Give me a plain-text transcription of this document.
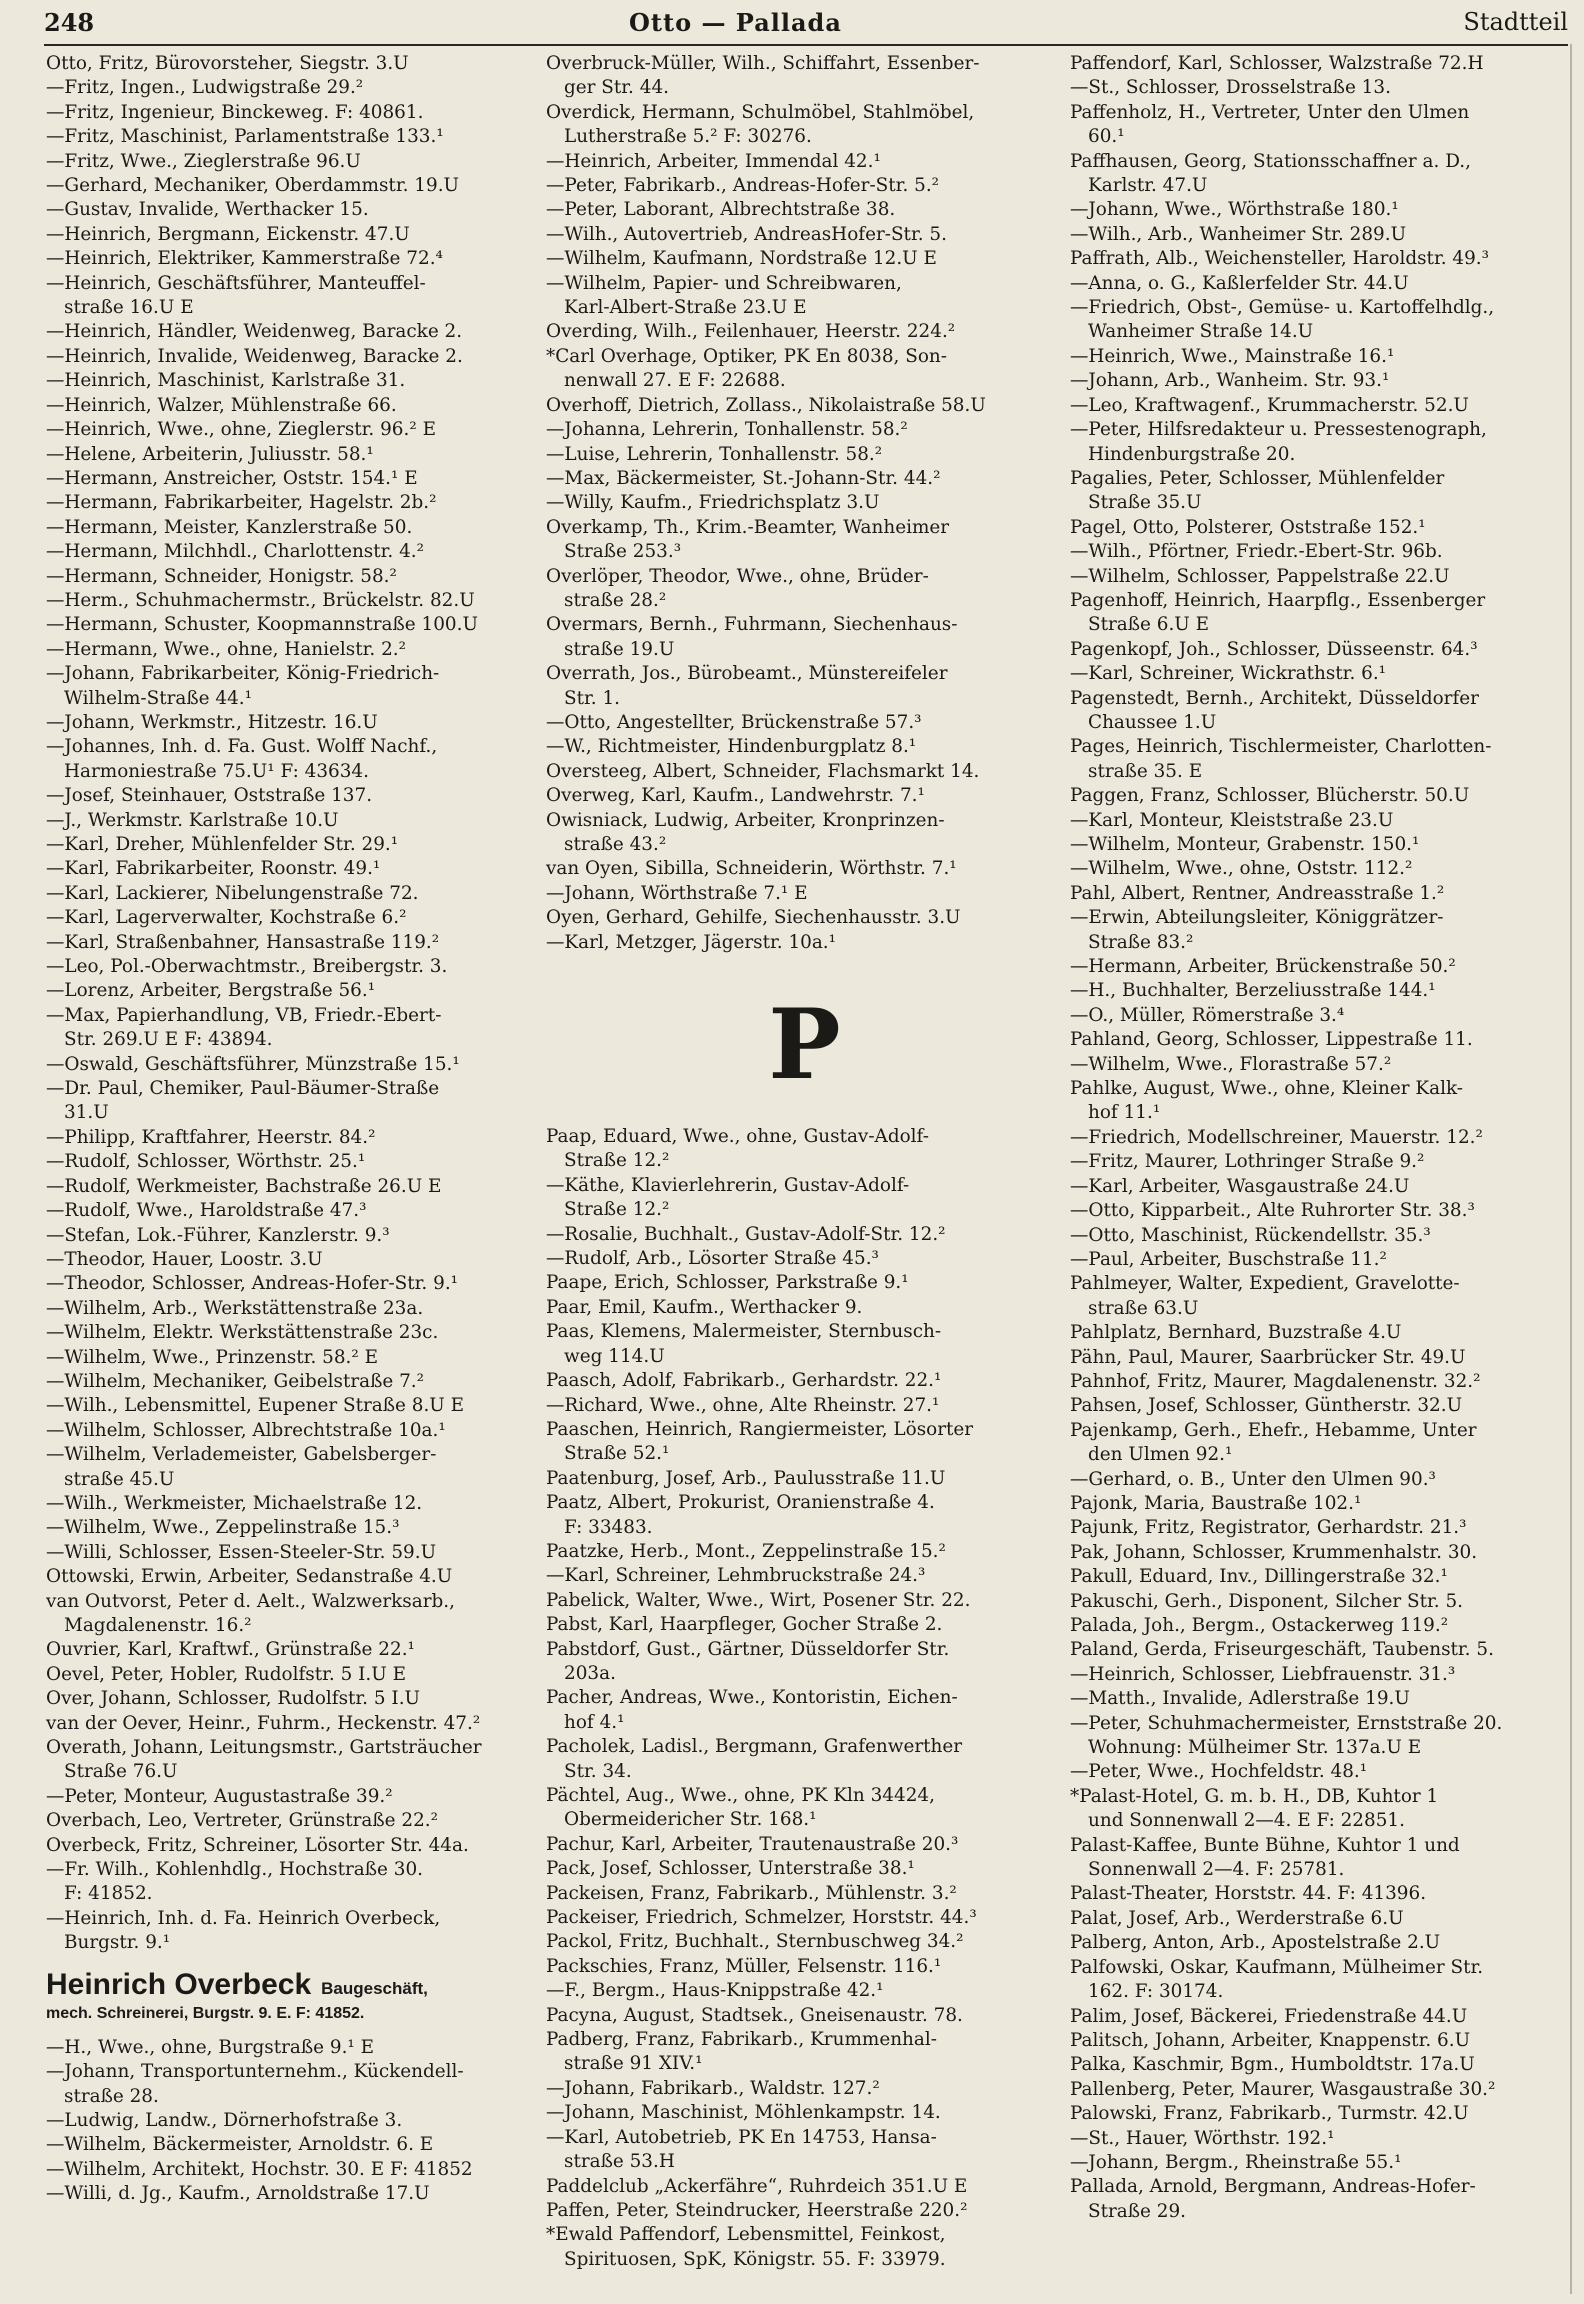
248	Otto — Pallada	Stadtteil
Otto, Fritz, Bürovorsteher, Siegstr. 3.U
—Fritz, Ingen., Ludwigstraße 29.²
—Fritz, Ingenieur, Binckeweg. F: 40861.
—Fritz, Maschinist, Parlamentstraße 133.¹
—Fritz, Wwe., Zieglerstraße 96.U
—Gerhard, Mechaniker, Oberdammstr. 19.U
—Gustav, Invalide, Werthacker 15.
—Heinrich, Bergmann, Eickenstr. 47.U
—Heinrich, Elektriker, Kammerstraße 72.⁴
—Heinrich, Geschäftsführer, Manteuffel-
straße 16.U E
—Heinrich, Händler, Weidenweg, Baracke 2.
—Heinrich, Invalide, Weidenweg, Baracke 2.
—Heinrich, Maschinist, Karlstraße 31.
—Heinrich, Walzer, Mühlenstraße 66.
—Heinrich, Wwe., ohne, Zieglerstr. 96.² E
—Helene, Arbeiterin, Juliusstr. 58.¹
—Hermann, Anstreicher, Oststr. 154.¹ E
—Hermann, Fabrikarbeiter, Hagelstr. 2b.²
—Hermann, Meister, Kanzlerstraße 50.
—Hermann, Milchhdl., Charlottenstr. 4.²
—Hermann, Schneider, Honigstr. 58.²
—Herm., Schuhmachermstr., Brückelstr. 82.U
—Hermann, Schuster, Koopmannstraße 100.U
—Hermann, Wwe., ohne, Hanielstr. 2.²
—Johann, Fabrikarbeiter, König-Friedrich-
Wilhelm-Straße 44.¹
—Johann, Werkmstr., Hitzestr. 16.U
—Johannes, Inh. d. Fa. Gust. Wolff Nachf.,
Harmoniestraße 75.U¹ F: 43634.
—Josef, Steinhauer, Oststraße 137.
—J., Werkmstr. Karlstraße 10.U
—Karl, Dreher, Mühlenfelder Str. 29.¹
—Karl, Fabrikarbeiter, Roonstr. 49.¹
—Karl, Lackierer, Nibelungenstraße 72.
—Karl, Lagerverwalter, Kochstraße 6.²
—Karl, Straßenbahner, Hansastraße 119.²
—Leo, Pol.-Oberwachtmstr., Breibergstr. 3.
—Lorenz, Arbeiter, Bergstraße 56.¹
—Max, Papierhandlung, VB, Friedr.-Ebert-
Str. 269.U E F: 43894.
—Oswald, Geschäftsführer, Münzstraße 15.¹
—Dr. Paul, Chemiker, Paul-Bäumer-Straße
31.U
—Philipp, Kraftfahrer, Heerstr. 84.²
—Rudolf, Schlosser, Wörthstr. 25.¹
—Rudolf, Werkmeister, Bachstraße 26.U E
—Rudolf, Wwe., Haroldstraße 47.³
—Stefan, Lok.-Führer, Kanzlerstr. 9.³
—Theodor, Hauer, Loostr. 3.U
—Theodor, Schlosser, Andreas-Hofer-Str. 9.¹
—Wilhelm, Arb., Werkstättenstraße 23a.
—Wilhelm, Elektr. Werkstättenstraße 23c.
—Wilhelm, Wwe., Prinzenstr. 58.² E
—Wilhelm, Mechaniker, Geibelstraße 7.²
—Wilh., Lebensmittel, Eupener Straße 8.U E
—Wilhelm, Schlosser, Albrechtstraße 10a.¹
—Wilhelm, Verlademeister, Gabelsberger-
straße 45.U
—Wilh., Werkmeister, Michaelstraße 12.
—Wilhelm, Wwe., Zeppelinstraße 15.³
—Willi, Schlosser, Essen-Steeler-Str. 59.U
Ottowski, Erwin, Arbeiter, Sedanstraße 4.U
van Outvorst, Peter d. Aelt., Walzwerksarb.,
Magdalenenstr. 16.²
Ouvrier, Karl, Kraftwf., Grünstraße 22.¹
Oevel, Peter, Hobler, Rudolfstr. 5 I.U E
Over, Johann, Schlosser, Rudolfstr. 5 I.U
van der Oever, Heinr., Fuhrm., Heckenstr. 47.²
Overath, Johann, Leitungsmstr., Gartsträucher
Straße 76.U
—Peter, Monteur, Augustastraße 39.²
Overbach, Leo, Vertreter, Grünstraße 22.²
Overbeck, Fritz, Schreiner, Lösorter Str. 44a.
—Fr. Wilh., Kohlenhdlg., Hochstraße 30.
F: 41852.
—Heinrich, Inh. d. Fa. Heinrich Overbeck,
Burgstr. 9.¹
Heinrich Overbeck Baugeschäft,
mech. Schreinerei, Burgstr. 9. E. F: 41852.
—H., Wwe., ohne, Burgstraße 9.¹ E
—Johann, Transportunternehm., Kückendell-
straße 28.
—Ludwig, Landw., Dörnerhofstraße 3.
—Wilhelm, Bäckermeister, Arnoldstr. 6. E
—Wilhelm, Architekt, Hochstr. 30. E F: 41852
—Willi, d. Jg., Kaufm., Arnoldstraße 17.U
Overbruck-Müller, Wilh., Schiffahrt, Essenber-
ger Str. 44.
Overdick, Hermann, Schulmöbel, Stahlmöbel,
Lutherstraße 5.² F: 30276.
—Heinrich, Arbeiter, Immendal 42.¹
—Peter, Fabrikarb., Andreas-Hofer-Str. 5.²
—Peter, Laborant, Albrechtstraße 38.
—Wilh., Autovertrieb, AndreasHofer-Str. 5.
—Wilhelm, Kaufmann, Nordstraße 12.U E
—Wilhelm, Papier- und Schreibwaren,
Karl-Albert-Straße 23.U E
Overding, Wilh., Feilenhauer, Heerstr. 224.²
*Carl Overhage, Optiker, PK En 8038, Son-
nenwall 27. E F: 22688.
Overhoff, Dietrich, Zollass., Nikolaistraße 58.U
—Johanna, Lehrerin, Tonhallenstr. 58.²
—Luise, Lehrerin, Tonhallenstr. 58.²
—Max, Bäckermeister, St.-Johann-Str. 44.²
—Willy, Kaufm., Friedrichsplatz 3.U
Overkamp, Th., Krim.-Beamter, Wanheimer
Straße 253.³
Overlöper, Theodor, Wwe., ohne, Brüder-
straße 28.²
Overmars, Bernh., Fuhrmann, Siechenhaus-
straße 19.U
Overrath, Jos., Bürobeamt., Münstereifeler
Str. 1.
—Otto, Angestellter, Brückenstraße 57.³
—W., Richtmeister, Hindenburgplatz 8.¹
Oversteeg, Albert, Schneider, Flachsmarkt 14.
Overweg, Karl, Kaufm., Landwehrstr. 7.¹
Owisniack, Ludwig, Arbeiter, Kronprinzen-
straße 43.²
van Oyen, Sibilla, Schneiderin, Wörthstr. 7.¹
—Johann, Wörthstraße 7.¹ E
Oyen, Gerhard, Gehilfe, Siechenhausstr. 3.U
—Karl, Metzger, Jägerstr. 10a.¹
P
Paap, Eduard, Wwe., ohne, Gustav-Adolf-
Straße 12.²
—Käthe, Klavierlehrerin, Gustav-Adolf-
Straße 12.²
—Rosalie, Buchhalt., Gustav-Adolf-Str. 12.²
—Rudolf, Arb., Lösorter Straße 45.³
Paape, Erich, Schlosser, Parkstraße 9.¹
Paar, Emil, Kaufm., Werthacker 9.
Paas, Klemens, Malermeister, Sternbusch-
weg 114.U
Paasch, Adolf, Fabrikarb., Gerhardstr. 22.¹
—Richard, Wwe., ohne, Alte Rheinstr. 27.¹
Paaschen, Heinrich, Rangiermeister, Lösorter
Straße 52.¹
Paatenburg, Josef, Arb., Paulusstraße 11.U
Paatz, Albert, Prokurist, Oranienstraße 4.
F: 33483.
Paatzke, Herb., Mont., Zeppelinstraße 15.²
—Karl, Schreiner, Lehmbruckstraße 24.³
Pabelick, Walter, Wwe., Wirt, Posener Str. 22.
Pabst, Karl, Haarpfleger, Gocher Straße 2.
Pabstdorf, Gust., Gärtner, Düsseldorfer Str.
203a.
Pacher, Andreas, Wwe., Kontoristin, Eichen-
hof 4.¹
Pacholek, Ladisl., Bergmann, Grafenwerther
Str. 34.
Pächtel, Aug., Wwe., ohne, PK Kln 34424,
Obermeidericher Str. 168.¹
Pachur, Karl, Arbeiter, Trautenaustraße 20.³
Pack, Josef, Schlosser, Unterstraße 38.¹
Packeisen, Franz, Fabrikarb., Mühlenstr. 3.²
Packeiser, Friedrich, Schmelzer, Horststr. 44.³
Packol, Fritz, Buchhalt., Sternbuschweg 34.²
Packschies, Franz, Müller, Felsenstr. 116.¹
—F., Bergm., Haus-Knippstraße 42.¹
Pacyna, August, Stadtsek., Gneisenaustr. 78.
Padberg, Franz, Fabrikarb., Krummenhal-
straße 91 XIV.¹
—Johann, Fabrikarb., Waldstr. 127.²
—Johann, Maschinist, Möhlenkampstr. 14.
—Karl, Autobetrieb, PK En 14753, Hansa-
straße 53.H
Paddelclub „Ackerfähre“, Ruhrdeich 351.U E
Paffen, Peter, Steindrucker, Heerstraße 220.²
*Ewald Paffendorf, Lebensmittel, Feinkost,
Spirituosen, SpK, Königstr. 55. F: 33979.
Paffendorf, Karl, Schlosser, Walzstraße 72.H
—St., Schlosser, Drosselstraße 13.
Paffenholz, H., Vertreter, Unter den Ulmen
60.¹
Paffhausen, Georg, Stationsschaffner a. D.,
Karlstr. 47.U
—Johann, Wwe., Wörthstraße 180.¹
—Wilh., Arb., Wanheimer Str. 289.U
Paffrath, Alb., Weichensteller, Haroldstr. 49.³
—Anna, o. G., Kaßlerfelder Str. 44.U
—Friedrich, Obst-, Gemüse- u. Kartoffelhdlg.,
Wanheimer Straße 14.U
—Heinrich, Wwe., Mainstraße 16.¹
—Johann, Arb., Wanheim. Str. 93.¹
—Leo, Kraftwagenf., Krummacherstr. 52.U
—Peter, Hilfsredakteur u. Pressestenograph,
Hindenburgstraße 20.
Pagalies, Peter, Schlosser, Mühlenfelder
Straße 35.U
Pagel, Otto, Polsterer, Oststraße 152.¹
—Wilh., Pförtner, Friedr.-Ebert-Str. 96b.
—Wilhelm, Schlosser, Pappelstraße 22.U
Pagenhoff, Heinrich, Haarpflg., Essenberger
Straße 6.U E
Pagenkopf, Joh., Schlosser, Düsseenstr. 64.³
—Karl, Schreiner, Wickrathstr. 6.¹
Pagenstedt, Bernh., Architekt, Düsseldorfer
Chaussee 1.U
Pages, Heinrich, Tischlermeister, Charlotten-
straße 35. E
Paggen, Franz, Schlosser, Blücherstr. 50.U
—Karl, Monteur, Kleiststraße 23.U
—Wilhelm, Monteur, Grabenstr. 150.¹
—Wilhelm, Wwe., ohne, Oststr. 112.²
Pahl, Albert, Rentner, Andreasstraße 1.²
—Erwin, Abteilungsleiter, Königgrätzer-
Straße 83.²
—Hermann, Arbeiter, Brückenstraße 50.²
—H., Buchhalter, Berzeliusstraße 144.¹
—O., Müller, Römerstraße 3.⁴
Pahland, Georg, Schlosser, Lippestraße 11.
—Wilhelm, Wwe., Florastraße 57.²
Pahlke, August, Wwe., ohne, Kleiner Kalk-
hof 11.¹
—Friedrich, Modellschreiner, Mauerstr. 12.²
—Fritz, Maurer, Lothringer Straße 9.²
—Karl, Arbeiter, Wasgaustraße 24.U
—Otto, Kipparbeit., Alte Ruhrorter Str. 38.³
—Otto, Maschinist, Rückendellstr. 35.³
—Paul, Arbeiter, Buschstraße 11.²
Pahlmeyer, Walter, Expedient, Gravelotte-
straße 63.U
Pahlplatz, Bernhard, Buzstraße 4.U
Pähn, Paul, Maurer, Saarbrücker Str. 49.U
Pahnhof, Fritz, Maurer, Magdalenenstr. 32.²
Pahsen, Josef, Schlosser, Güntherstr. 32.U
Pajenkamp, Gerh., Ehefr., Hebamme, Unter
den Ulmen 92.¹
—Gerhard, o. B., Unter den Ulmen 90.³
Pajonk, Maria, Baustraße 102.¹
Pajunk, Fritz, Registrator, Gerhardstr. 21.³
Pak, Johann, Schlosser, Krummenhalstr. 30.
Pakull, Eduard, Inv., Dillingerstraße 32.¹
Pakuschi, Gerh., Disponent, Silcher Str. 5.
Palada, Joh., Bergm., Ostackerweg 119.²
Paland, Gerda, Friseurgeschäft, Taubenstr. 5.
—Heinrich, Schlosser, Liebfrauenstr. 31.³
—Matth., Invalide, Adlerstraße 19.U
—Peter, Schuhmachermeister, Ernststraße 20.
Wohnung: Mülheimer Str. 137a.U E
—Peter, Wwe., Hochfeldstr. 48.¹
*Palast-Hotel, G. m. b. H., DB, Kuhtor 1
und Sonnenwall 2—4. E F: 22851.
Palast-Kaffee, Bunte Bühne, Kuhtor 1 und
Sonnenwall 2—4. F: 25781.
Palast-Theater, Horststr. 44. F: 41396.
Palat, Josef, Arb., Werderstraße 6.U
Palberg, Anton, Arb., Apostelstraße 2.U
Palfowski, Oskar, Kaufmann, Mülheimer Str.
162. F: 30174.
Palim, Josef, Bäckerei, Friedenstraße 44.U
Palitsch, Johann, Arbeiter, Knappenstr. 6.U
Palka, Kaschmir, Bgm., Humboldtstr. 17a.U
Pallenberg, Peter, Maurer, Wasgaustraße 30.²
Palowski, Franz, Fabrikarb., Turmstr. 42.U
—St., Hauer, Wörthstr. 192.¹
—Johann, Bergm., Rheinstraße 55.¹
Pallada, Arnold, Bergmann, Andreas-Hofer-
Straße 29.
